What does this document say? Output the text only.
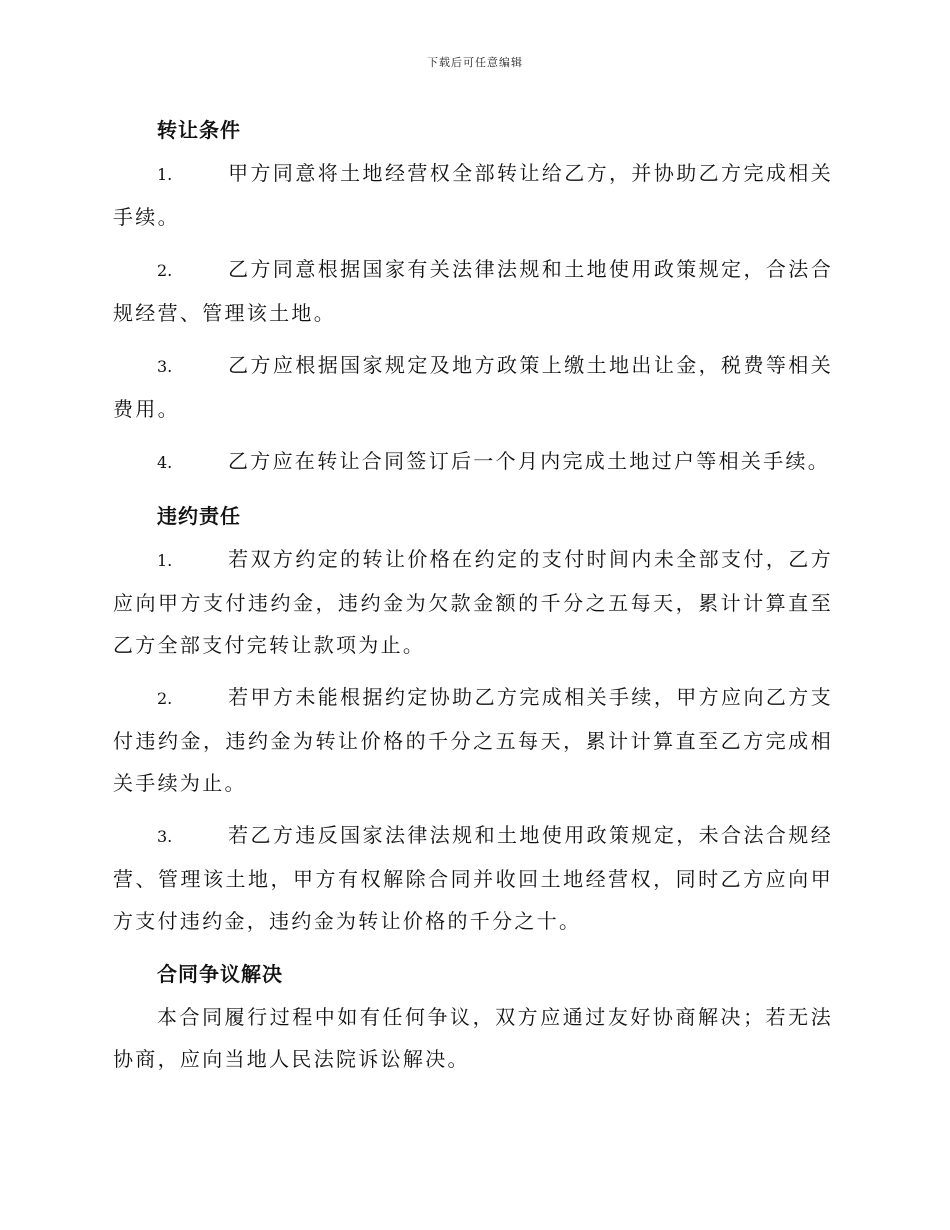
下载后可任意编辑
转让条件

1.	甲方同意将土地经营权全部转让给乙方，并协助乙方完成相关手续。

2.	乙方同意根据国家有关法律法规和土地使用政策规定，合法合规经营、管理该土地。

3.	乙方应根据国家规定及地方政策上缴土地出让金，税费等相关费用。

4.	乙方应在转让合同签订后一个月内完成土地过户等相关手续。

违约责任

1.	若双方约定的转让价格在约定的支付时间内未全部支付，乙方应向甲方支付违约金，违约金为欠款金额的千分之五每天，累计计算直至乙方全部支付完转让款项为止。

2.	若甲方未能根据约定协助乙方完成相关手续，甲方应向乙方支付违约金，违约金为转让价格的千分之五每天，累计计算直至乙方完成相关手续为止。

3.	若乙方违反国家法律法规和土地使用政策规定，未合法合规经营、管理该土地，甲方有权解除合同并收回土地经营权，同时乙方应向甲方支付违约金，违约金为转让价格的千分之十。

合同争议解决

本合同履行过程中如有任何争议，双方应通过友好协商解决；若无法协商，应向当地人民法院诉讼解决。
